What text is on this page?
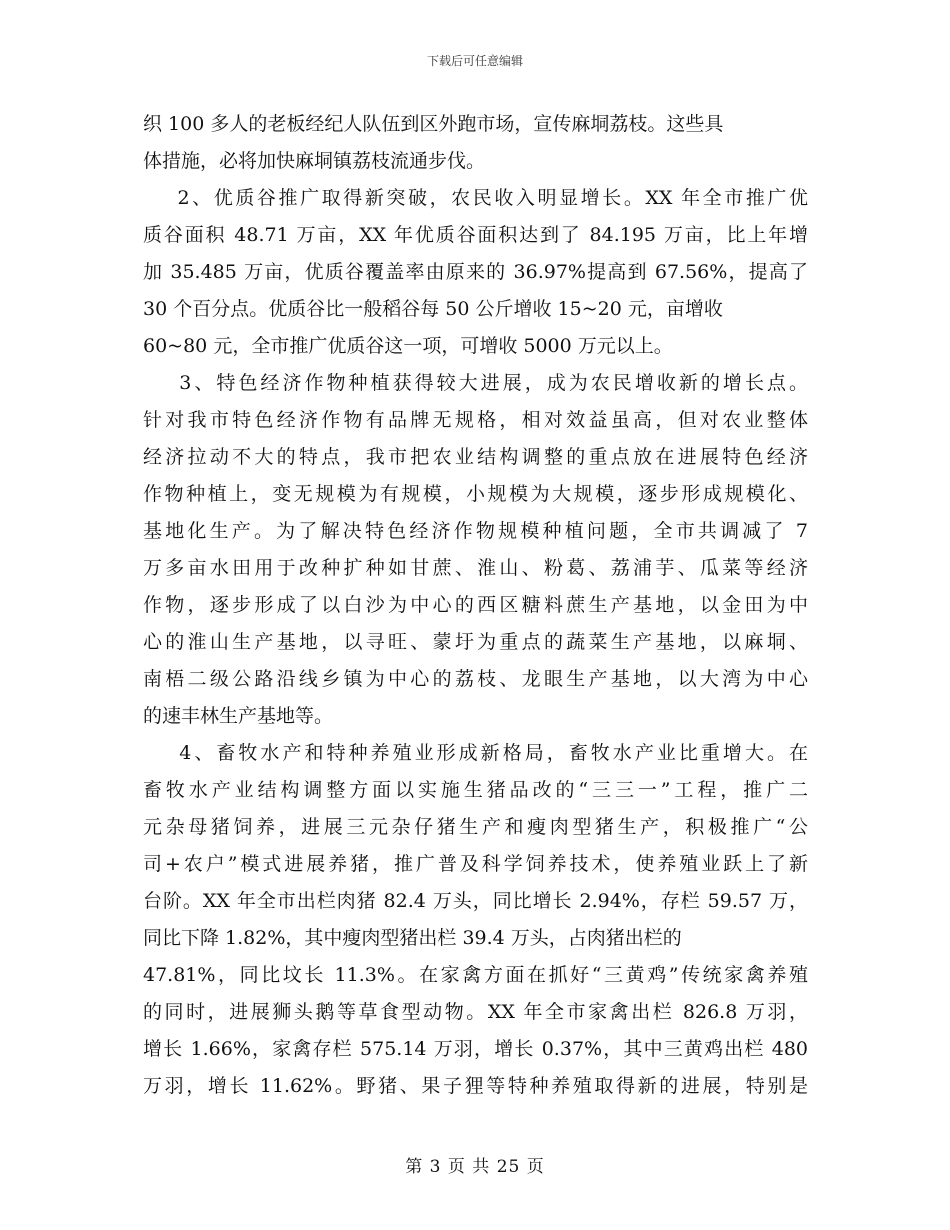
下载后可任意编辑
织 100 多人的老板经纪人队伍到区外跑市场，宣传麻垌荔枝。这些具
体措施，必将加快麻垌镇荔枝流通步伐。
2、优质谷推广取得新突破，农民收入明显增长。XX 年全市推广优
质谷面积 48.71 万亩，XX 年优质谷面积达到了 84.195 万亩，比上年增
加 35.485 万亩，优质谷覆盖率由原来的 36.97%提高到 67.56%，提高了
30 个百分点。优质谷比一般稻谷每 50 公斤增收 15~20 元，亩增收
60~80 元，全市推广优质谷这一项，可增收 5000 万元以上。
3、特色经济作物种植获得较大进展，成为农民增收新的增长点。
针对我市特色经济作物有品牌无规格，相对效益虽高，但对农业整体
经济拉动不大的特点，我市把农业结构调整的重点放在进展特色经济
作物种植上，变无规模为有规模，小规模为大规模，逐步形成规模化、
基地化生产。为了解决特色经济作物规模种植问题，全市共调减了 7
万多亩水田用于改种扩种如甘蔗、淮山、粉葛、荔浦芋、瓜菜等经济
作物，逐步形成了以白沙为中心的西区糖料蔗生产基地，以金田为中
心的淮山生产基地，以寻旺、蒙圩为重点的蔬菜生产基地，以麻垌、
南梧二级公路沿线乡镇为中心的荔枝、龙眼生产基地，以大湾为中心
的速丰林生产基地等。
4、畜牧水产和特种养殖业形成新格局，畜牧水产业比重增大。在
畜牧水产业结构调整方面以实施生猪品改的“三三一”工程，推广二
元杂母猪饲养，进展三元杂仔猪生产和瘦肉型猪生产，积极推广“公
司+农户”模式进展养猪，推广普及科学饲养技术，使养殖业跃上了新
台阶。XX 年全市出栏肉猪 82.4 万头，同比增长 2.94%，存栏 59.57 万，
同比下降 1.82%，其中瘦肉型猪出栏 39.4 万头，占肉猪出栏的
47.81%，同比坟长 11.3%。在家禽方面在抓好“三黄鸡”传统家禽养殖
的同时，进展狮头鹅等草食型动物。XX 年全市家禽出栏 826.8 万羽，
增长 1.66%，家禽存栏 575.14 万羽，增长 0.37%，其中三黄鸡出栏 480
万羽，增长 11.62%。野猪、果子狸等特种养殖取得新的进展，特别是
第 3 页 共 25 页
